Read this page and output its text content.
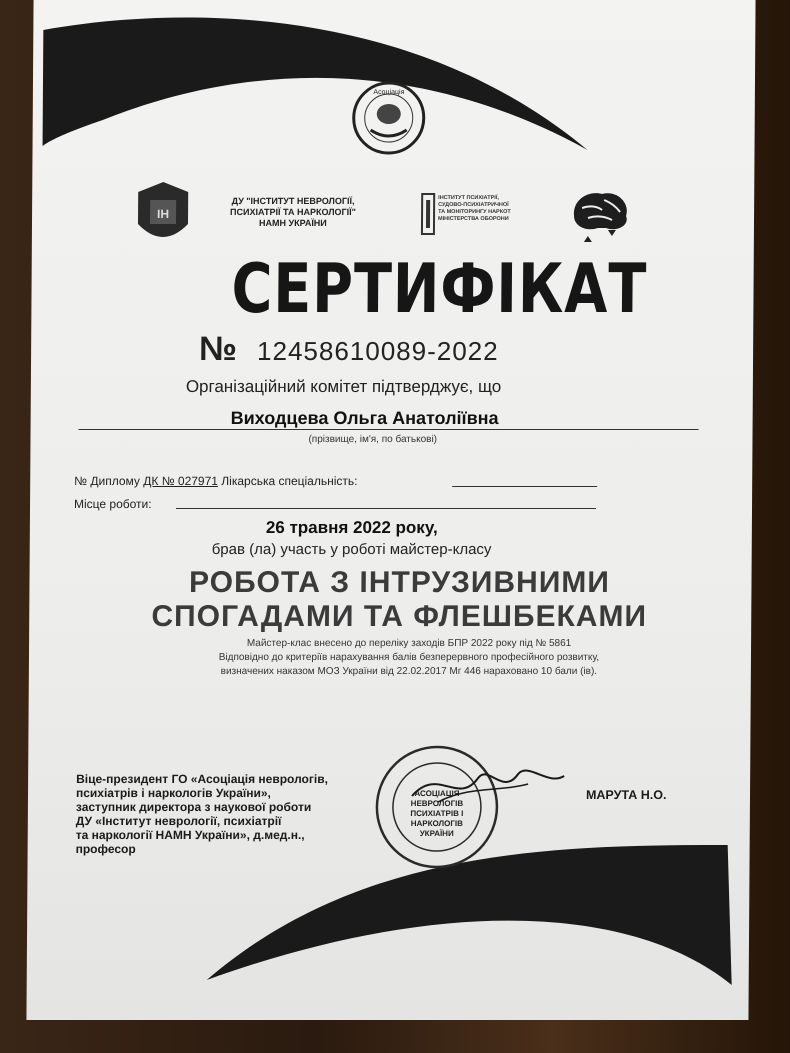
Асоціація
ІН
ДУ "ІНСТИТУТ НЕВРОЛОГІЇ,
ПСИХІАТРІЇ ТА НАРКОЛОГІЇ"
НАМН УКРАЇНИ
ІНСТИТУТ ПСИХІАТРІЇ,
СУДОВО-ПСИХІАТРИЧНОЇ
ТА МОНІТОРИНГУ НАРКОТ
МІНІСТЕРСТВА ОБОРОНИ
СЕРТИФІКАТ
№ 12458610089-2022
Організаційний комітет підтверджує, що
Виходцева Ольга Анатоліївна
(прізвище, ім'я, по батькові)
№ Диплому ДК № 027971 Лікарська спеціальність:
Місце роботи:
26 травня 2022 року,
брав (ла) участь у роботі майстер-класу
РОБОТА З ІНТРУЗИВНИМИ СПОГАДАМИ ТА ФЛЕШБЕКАМИ
Майстер-клас внесено до переліку заходів БПР 2022 року під № 5861
Відповідно до критеріїв нарахування балів безперервного професійного розвитку,
визначених наказом МОЗ України від 22.02.2017 Мг 446 нараховано 10 бали (ів).
Віце-президент ГО «Асоціація неврологів,
психіатрів і наркологів України»,
заступник директора з наукової роботи
ДУ «Інститут неврології, психіатрії
та наркології НАМН України», д.мед.н.,
професор
АСОЦІАЦІЯ
НЕВРОЛОГІВ
ПСИХІАТРІВ І
НАРКОЛОГІВ
УКРАЇНИ
МАРУТА Н.О.
